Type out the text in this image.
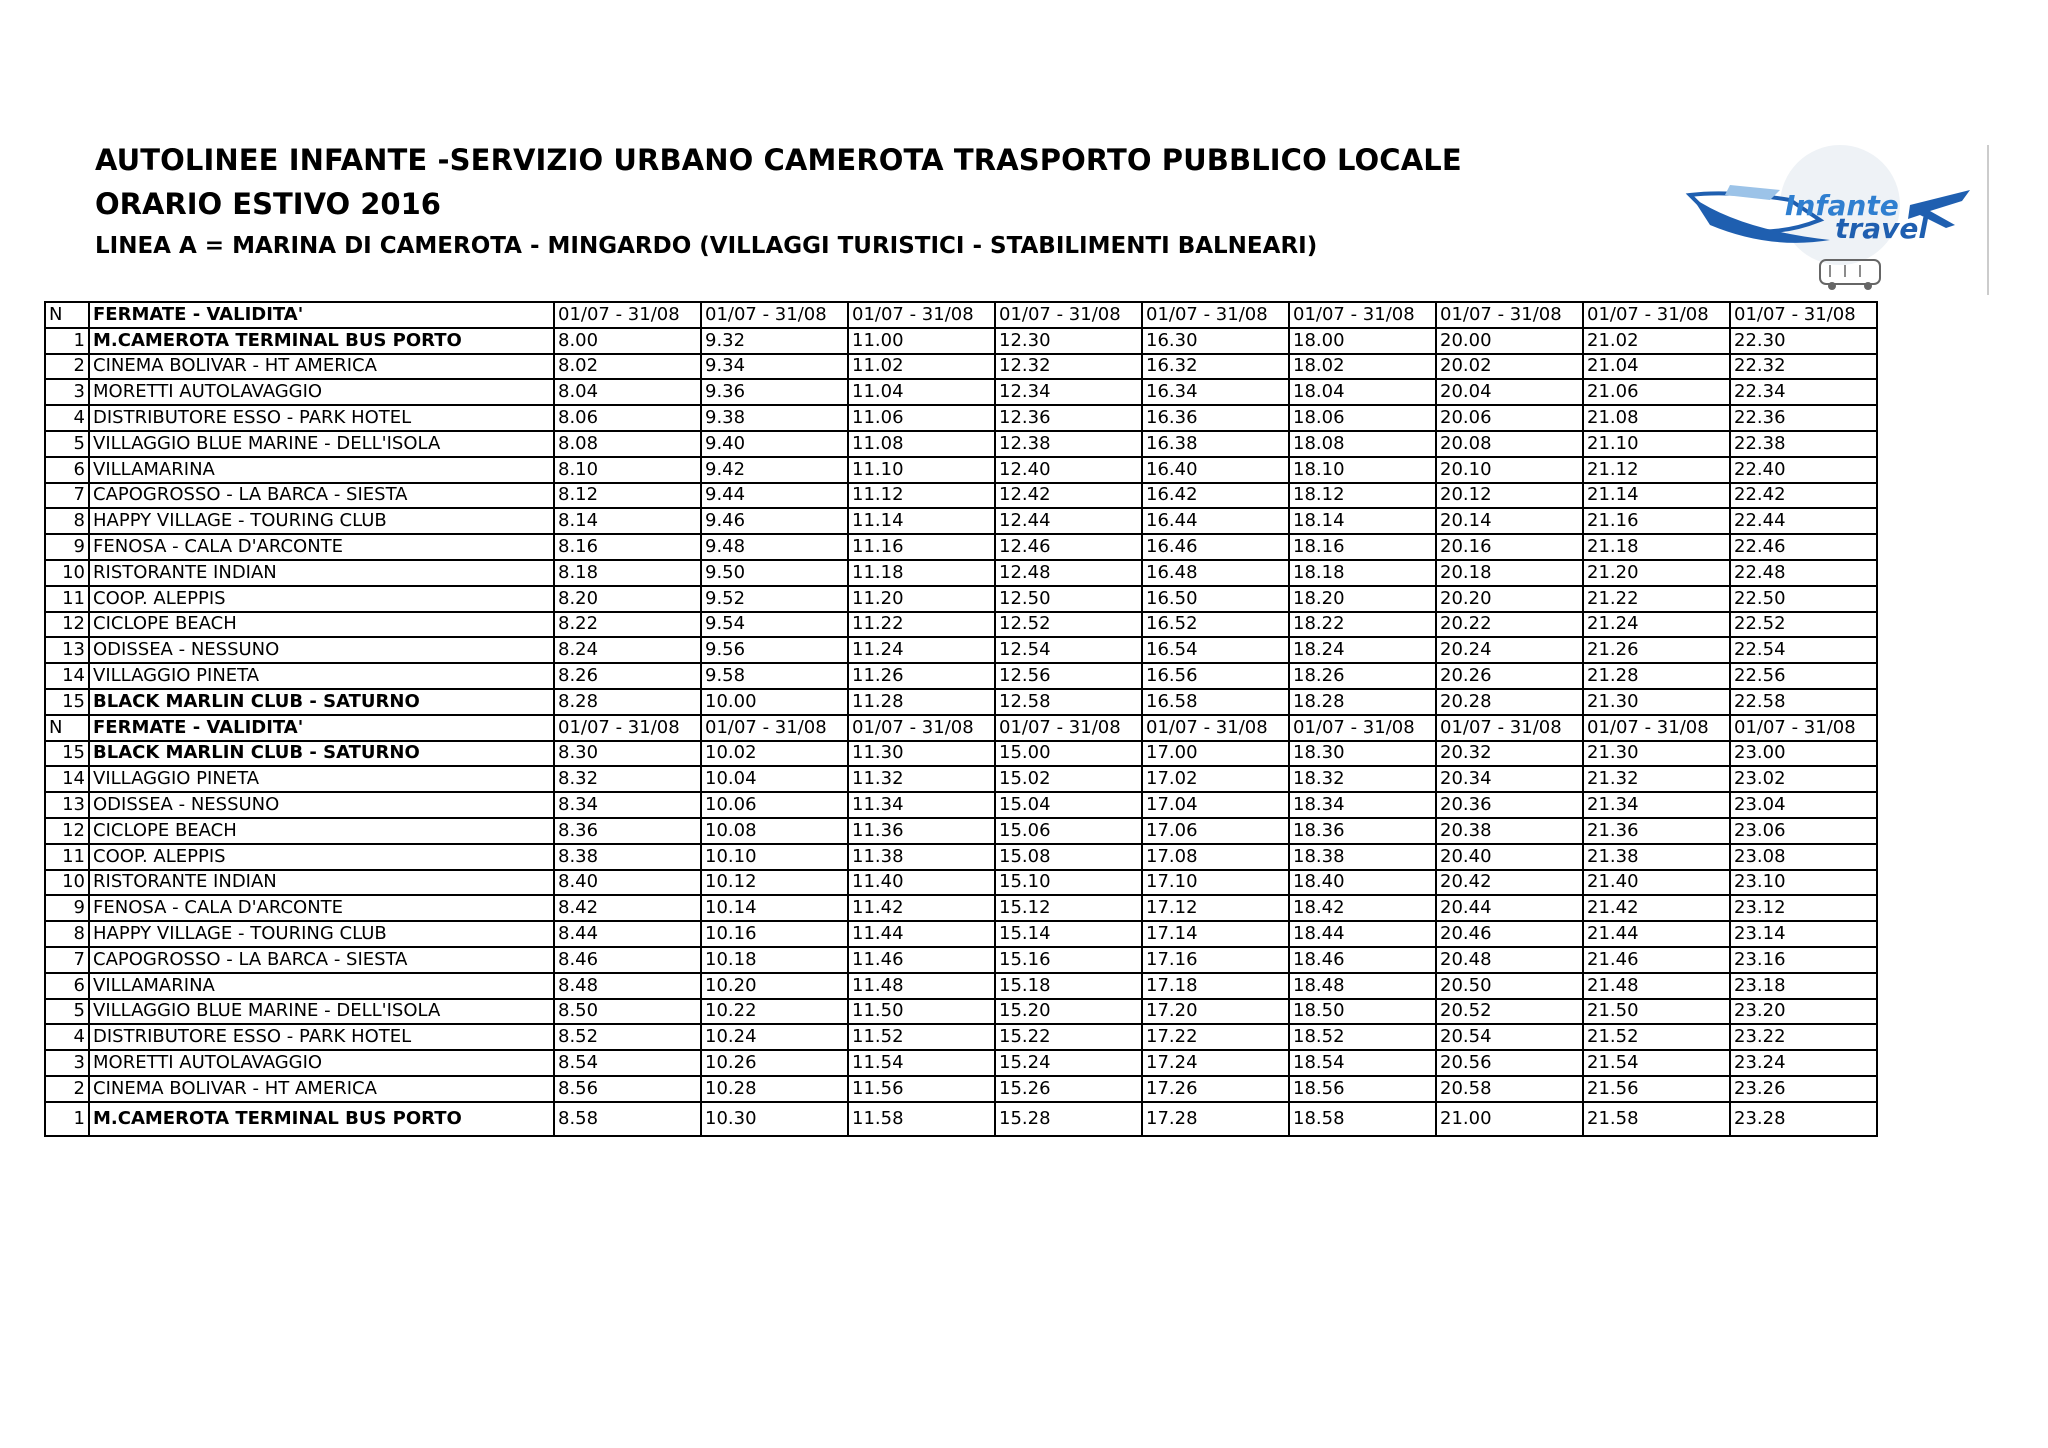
AUTOLINEE INFANTE -SERVIZIO URBANO CAMEROTA TRASPORTO PUBBLICO LOCALE
ORARIO ESTIVO 2016
LINEA A = MARINA DI CAMEROTA - MINGARDO (VILLAGGI TURISTICI - STABILIMENTI BALNEARI)
Infante
travel
N	FERMATE - VALIDITA'	01/07 - 31/08	01/07 - 31/08	01/07 - 31/08	01/07 - 31/08	01/07 - 31/08	01/07 - 31/08	01/07 - 31/08	01/07 - 31/08	01/07 - 31/08
1	M.CAMEROTA TERMINAL BUS PORTO	8.00	9.32	11.00	12.30	16.30	18.00	20.00	21.02	22.30
2	CINEMA BOLIVAR - HT AMERICA	8.02	9.34	11.02	12.32	16.32	18.02	20.02	21.04	22.32
3	MORETTI AUTOLAVAGGIO	8.04	9.36	11.04	12.34	16.34	18.04	20.04	21.06	22.34
4	DISTRIBUTORE ESSO - PARK HOTEL	8.06	9.38	11.06	12.36	16.36	18.06	20.06	21.08	22.36
5	VILLAGGIO BLUE MARINE - DELL'ISOLA	8.08	9.40	11.08	12.38	16.38	18.08	20.08	21.10	22.38
6	VILLAMARINA	8.10	9.42	11.10	12.40	16.40	18.10	20.10	21.12	22.40
7	CAPOGROSSO - LA BARCA - SIESTA	8.12	9.44	11.12	12.42	16.42	18.12	20.12	21.14	22.42
8	HAPPY VILLAGE - TOURING CLUB	8.14	9.46	11.14	12.44	16.44	18.14	20.14	21.16	22.44
9	FENOSA - CALA D'ARCONTE	8.16	9.48	11.16	12.46	16.46	18.16	20.16	21.18	22.46
10	RISTORANTE INDIAN	8.18	9.50	11.18	12.48	16.48	18.18	20.18	21.20	22.48
11	COOP. ALEPPIS	8.20	9.52	11.20	12.50	16.50	18.20	20.20	21.22	22.50
12	CICLOPE BEACH	8.22	9.54	11.22	12.52	16.52	18.22	20.22	21.24	22.52
13	ODISSEA - NESSUNO	8.24	9.56	11.24	12.54	16.54	18.24	20.24	21.26	22.54
14	VILLAGGIO PINETA	8.26	9.58	11.26	12.56	16.56	18.26	20.26	21.28	22.56
15	BLACK MARLIN CLUB - SATURNO	8.28	10.00	11.28	12.58	16.58	18.28	20.28	21.30	22.58
N	FERMATE - VALIDITA'	01/07 - 31/08	01/07 - 31/08	01/07 - 31/08	01/07 - 31/08	01/07 - 31/08	01/07 - 31/08	01/07 - 31/08	01/07 - 31/08	01/07 - 31/08
15	BLACK MARLIN CLUB - SATURNO	8.30	10.02	11.30	15.00	17.00	18.30	20.32	21.30	23.00
14	VILLAGGIO PINETA	8.32	10.04	11.32	15.02	17.02	18.32	20.34	21.32	23.02
13	ODISSEA - NESSUNO	8.34	10.06	11.34	15.04	17.04	18.34	20.36	21.34	23.04
12	CICLOPE BEACH	8.36	10.08	11.36	15.06	17.06	18.36	20.38	21.36	23.06
11	COOP. ALEPPIS	8.38	10.10	11.38	15.08	17.08	18.38	20.40	21.38	23.08
10	RISTORANTE INDIAN	8.40	10.12	11.40	15.10	17.10	18.40	20.42	21.40	23.10
9	FENOSA - CALA D'ARCONTE	8.42	10.14	11.42	15.12	17.12	18.42	20.44	21.42	23.12
8	HAPPY VILLAGE - TOURING CLUB	8.44	10.16	11.44	15.14	17.14	18.44	20.46	21.44	23.14
7	CAPOGROSSO - LA BARCA - SIESTA	8.46	10.18	11.46	15.16	17.16	18.46	20.48	21.46	23.16
6	VILLAMARINA	8.48	10.20	11.48	15.18	17.18	18.48	20.50	21.48	23.18
5	VILLAGGIO BLUE MARINE - DELL'ISOLA	8.50	10.22	11.50	15.20	17.20	18.50	20.52	21.50	23.20
4	DISTRIBUTORE ESSO - PARK HOTEL	8.52	10.24	11.52	15.22	17.22	18.52	20.54	21.52	23.22
3	MORETTI AUTOLAVAGGIO	8.54	10.26	11.54	15.24	17.24	18.54	20.56	21.54	23.24
2	CINEMA BOLIVAR - HT AMERICA	8.56	10.28	11.56	15.26	17.26	18.56	20.58	21.56	23.26
1	M.CAMEROTA TERMINAL BUS PORTO	8.58	10.30	11.58	15.28	17.28	18.58	21.00	21.58	23.28
